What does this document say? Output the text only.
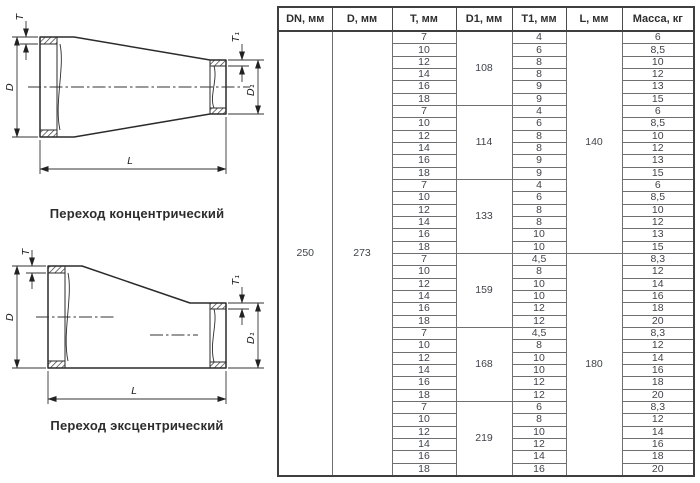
D
T
T₁
D₁
L
Переход концентрический
D
T
T₁
D₁
L
Переход эксцентрический
DN, мм	D, мм	T, мм	D1, мм	T1, мм	L, мм	Масса, кг
250	273	7	108	4	140	6
		10		6		8,5
		12		8		10
		14		8		12
		16		9		13
		18		9		15
		7	114	4		6
		10		6		8,5
		12		8		10
		14		8		12
		16		9		13
		18		9		15
		7	133	4		6
		10		6		8,5
		12		8		10
		14		8		12
		16		10		13
		18		10		15
		7	159	4,5	180	8,3
		10		8		12
		12		10		14
		14		10		16
		16		12		18
		18		12		20
		7	168	4,5		8,3
		10		8		12
		12		10		14
		14		10		16
		16		12		18
		18		12		20
		7	219	6		8,3
		10		8		12
		12		10		14
		14		12		16
		16		14		18
		18		16		20
